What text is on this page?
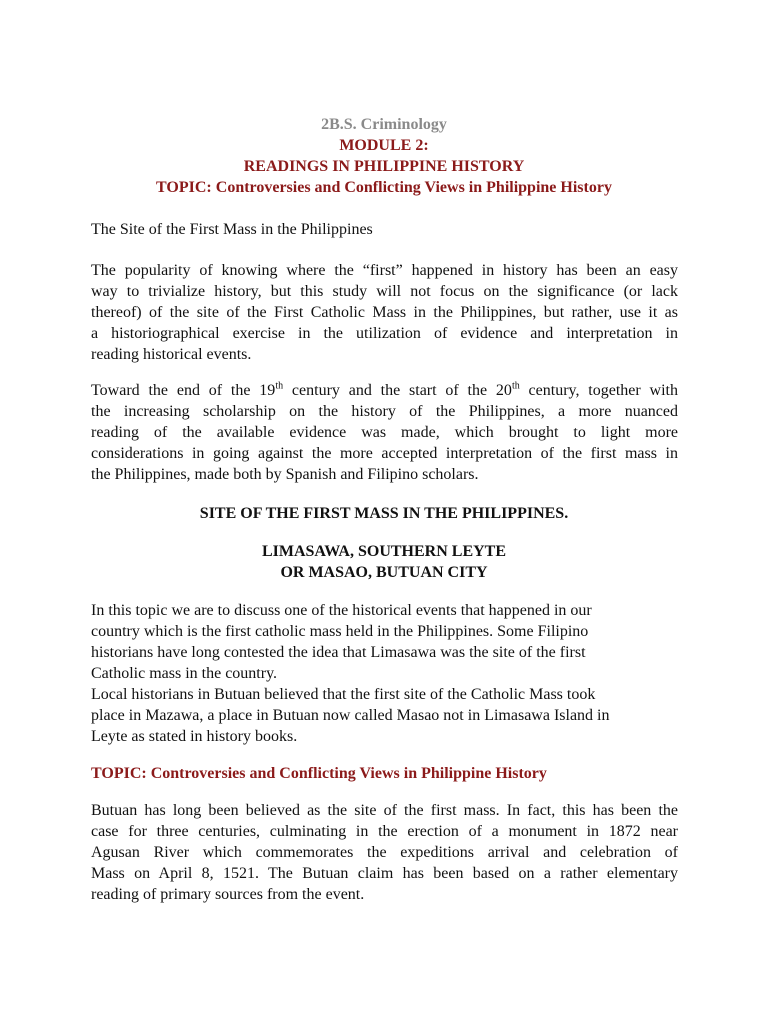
2B.S. Criminology
MODULE 2:
READINGS IN PHILIPPINE HISTORY
TOPIC: Controversies and Conflicting Views in Philippine History
The Site of the First Mass in the Philippines
The popularity of knowing where the “first” happened in history has been an easy
way to trivialize history, but this study will not focus on the significance (or lack
thereof) of the site of the First Catholic Mass in the Philippines, but rather, use it as
a historiographical exercise in the utilization of evidence and interpretation in
reading historical events.
Toward the end of the 19th century and the start of the 20th century, together with
the increasing scholarship on the history of the Philippines, a more nuanced
reading of the available evidence was made, which brought to light more
considerations in going against the more accepted interpretation of the first mass in
the Philippines, made both by Spanish and Filipino scholars.
SITE OF THE FIRST MASS IN THE PHILIPPINES.
LIMASAWA, SOUTHERN LEYTE
OR MASAO, BUTUAN CITY
In this topic we are to discuss one of the historical events that happened in our
country which is the first catholic mass held in the Philippines. Some Filipino
historians have long contested the idea that Limasawa was the site of the first
Catholic mass in the country.
Local historians in Butuan believed that the first site of the Catholic Mass took
place in Mazawa, a place in Butuan now called Masao not in Limasawa Island in
Leyte as stated in history books.
TOPIC: Controversies and Conflicting Views in Philippine History
Butuan has long been believed as the site of the first mass. In fact, this has been the
case for three centuries, culminating in the erection of a monument in 1872 near
Agusan River which commemorates the expeditions arrival and celebration of
Mass on April 8, 1521. The Butuan claim has been based on a rather elementary
reading of primary sources from the event.
